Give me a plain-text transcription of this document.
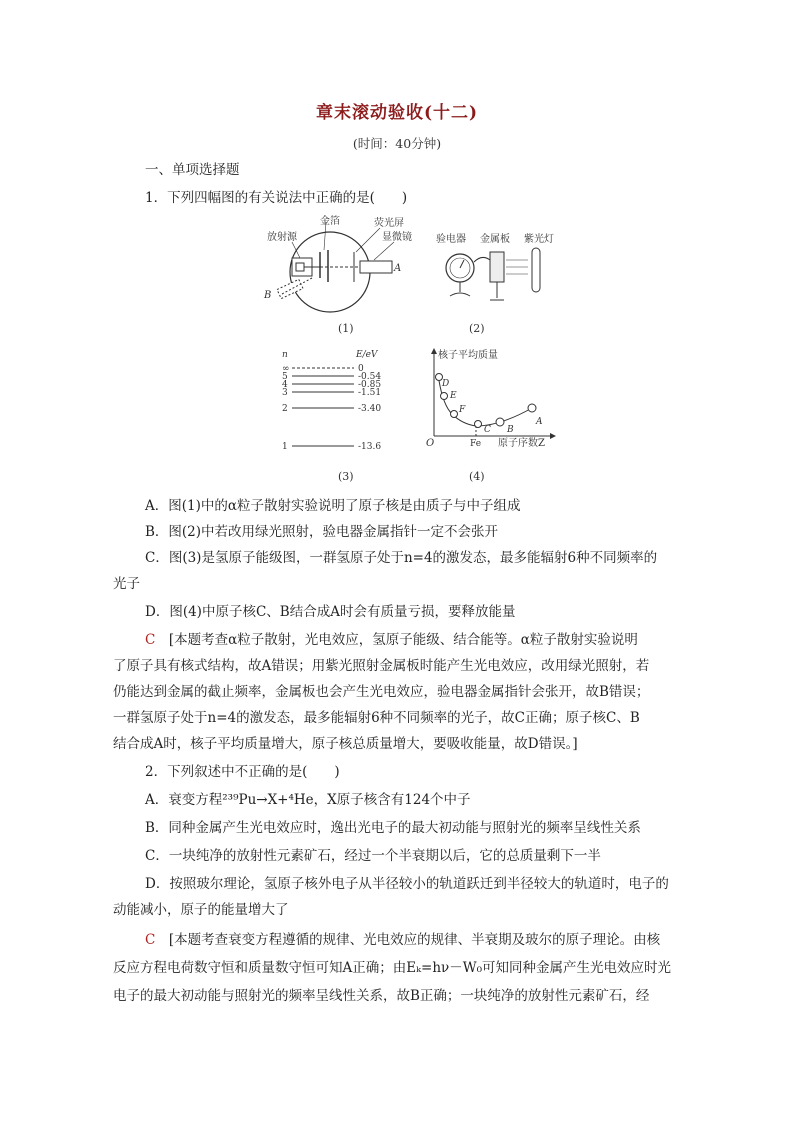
章末滚动验收(十二)
(时间：40分钟)
一、单项选择题
1．下列四幅图的有关说法中正确的是(　　)
放射源
金箔	荧光屏
显微镜
A
B
(1)
验电器 金属板 紫光灯
(2)
n	E/eV
∞	0
5	-0.54
4	-0.85
3	-1.51
2	-3.40
1	-13.6
(3)
核子平均质量
O	Fe 原子序数Z
D
E
F
C B
A
(4)
A．图(1)中的α粒子散射实验说明了原子核是由质子与中子组成
B．图(2)中若改用绿光照射，验电器金属指针一定不会张开
C．图(3)是氢原子能级图，一群氢原子处于n=4的激发态，最多能辐射6种不同频率的
光子
D．图(4)中原子核C、B结合成A时会有质量亏损，要释放能量
C　 [本题考查α粒子散射，光电效应，氢原子能级、结合能等。α粒子散射实验说明
了原子具有核式结构，故A错误；用紫光照射金属板时能产生光电效应，改用绿光照射，若
仍能达到金属的截止频率，金属板也会产生光电效应，验电器金属指针会张开，故B错误；
一群氢原子处于n=4的激发态，最多能辐射6种不同频率的光子，故C正确；原子核C、B
结合成A时，核子平均质量增大，原子核总质量增大，要吸收能量，故D错误。]
2．下列叙述中不正确的是(　　)
A．衰变方程²³⁹Pu→X+⁴He，X原子核含有124个中子
B．同种金属产生光电效应时，逸出光电子的最大初动能与照射光的频率呈线性关系
C．一块纯净的放射性元素矿石，经过一个半衰期以后，它的总质量剩下一半
D．按照玻尔理论，氢原子核外电子从半径较小的轨道跃迁到半径较大的轨道时，电子的
动能减小，原子的能量增大了
C　 [本题考查衰变方程遵循的规律、光电效应的规律、半衰期及玻尔的原子理论。由核
反应方程电荷数守恒和质量数守恒可知A正确；由Eₖ=hν－W₀可知同种金属产生光电效应时光
电子的最大初动能与照射光的频率呈线性关系，故B正确；一块纯净的放射性元素矿石，经
